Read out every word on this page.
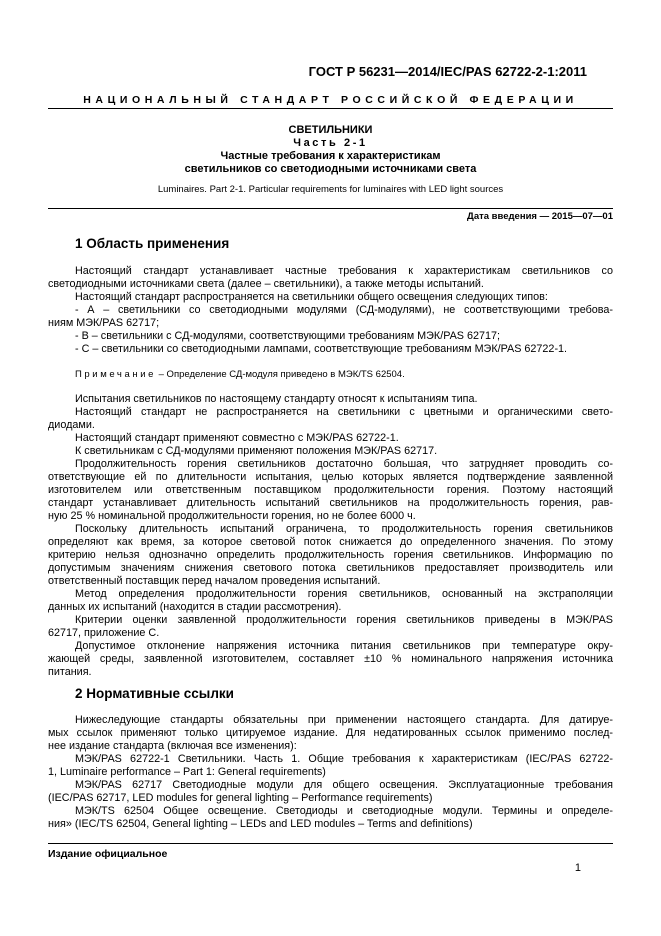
ГОСТ Р 56231—2014/IEC/PAS 62722-2-1:2011
НАЦИОНАЛЬНЫЙ СТАНДАРТ РОССИЙСКОЙ ФЕДЕРАЦИИ
СВЕТИЛЬНИКИ
Часть 2-1
Частные требования к характеристикам
светильников со светодиодными источниками света
Luminaires. Part 2-1. Particular requirements for luminaires with LED light sources
Дата введения — 2015—07—01
1 Область применения
Настоящий стандарт устанавливает частные требования к характеристикам светильников со
светодиодными источниками света (далее – светильники), а также методы испытаний.
Настоящий стандарт распространяется на светильники общего освещения следующих типов:
- А – светильники со светодиодными модулями (СД-модулями), не соответствующими требова-
ниям МЭК/PAS 62717;
- В – светильники с СД-модулями, соответствующими требованиям МЭК/PAS 62717;
- С – светильники со светодиодными лампами, соответствующие требованиям МЭК/PAS 62722-1.
Примечание – Определение СД-модуля приведено в МЭК/TS 62504.
Испытания светильников по настоящему стандарту относят к испытаниям типа.
Настоящий стандарт не распространяется на светильники с цветными и органическими свето-
диодами.
Настоящий стандарт применяют совместно с МЭК/PAS 62722-1.
К светильникам с СД-модулями применяют положения МЭК/PAS 62717.
Продолжительность горения светильников достаточно большая, что затрудняет проводить со-
ответствующие ей по длительности испытания, целью которых является подтверждение заявленной
изготовителем или ответственным поставщиком продолжительности горения. Поэтому настоящий
стандарт устанавливает длительность испытаний светильников на продолжительность горения, рав-
ную 25 % номинальной продолжительности горения, но не более 6000 ч.
Поскольку длительность испытаний ограничена, то продолжительность горения светильников
определяют как время, за которое световой поток снижается до определенного значения. По этому
критерию нельзя однозначно определить продолжительность горения светильников. Информацию по
допустимым значениям снижения светового потока светильников предоставляет производитель или
ответственный поставщик перед началом проведения испытаний.
Метод определения продолжительности горения светильников, основанный на экстраполяции
данных их испытаний (находится в стадии рассмотрения).
Критерии оценки заявленной продолжительности горения светильников приведены в МЭК/PAS
62717, приложение С.
Допустимое отклонение напряжения источника питания светильников при температуре окру-
жающей среды, заявленной изготовителем, составляет ±10 % номинального напряжения источника
питания.
2 Нормативные ссылки
Нижеследующие стандарты обязательны при применении настоящего стандарта. Для датируе-
мых ссылок применяют только цитируемое издание. Для недатированных ссылок применимо послед-
нее издание стандарта (включая все изменения):
МЭК/PAS 62722-1 Светильники. Часть 1. Общие требования к характеристикам (IEC/PAS 62722-
1, Luminaire performance – Part 1: General requirements)
МЭК/PAS 62717 Светодиодные модули для общего освещения. Эксплуатационные требования
(IEC/PAS 62717, LED modules for general lighting – Performance requirements)
МЭК/TS 62504 Общее освещение. Светодиоды и светодиодные модули. Термины и определе-
ния» (IEC/TS 62504, General lighting – LEDs and LED modules – Terms and definitions)
Издание официальное
1
